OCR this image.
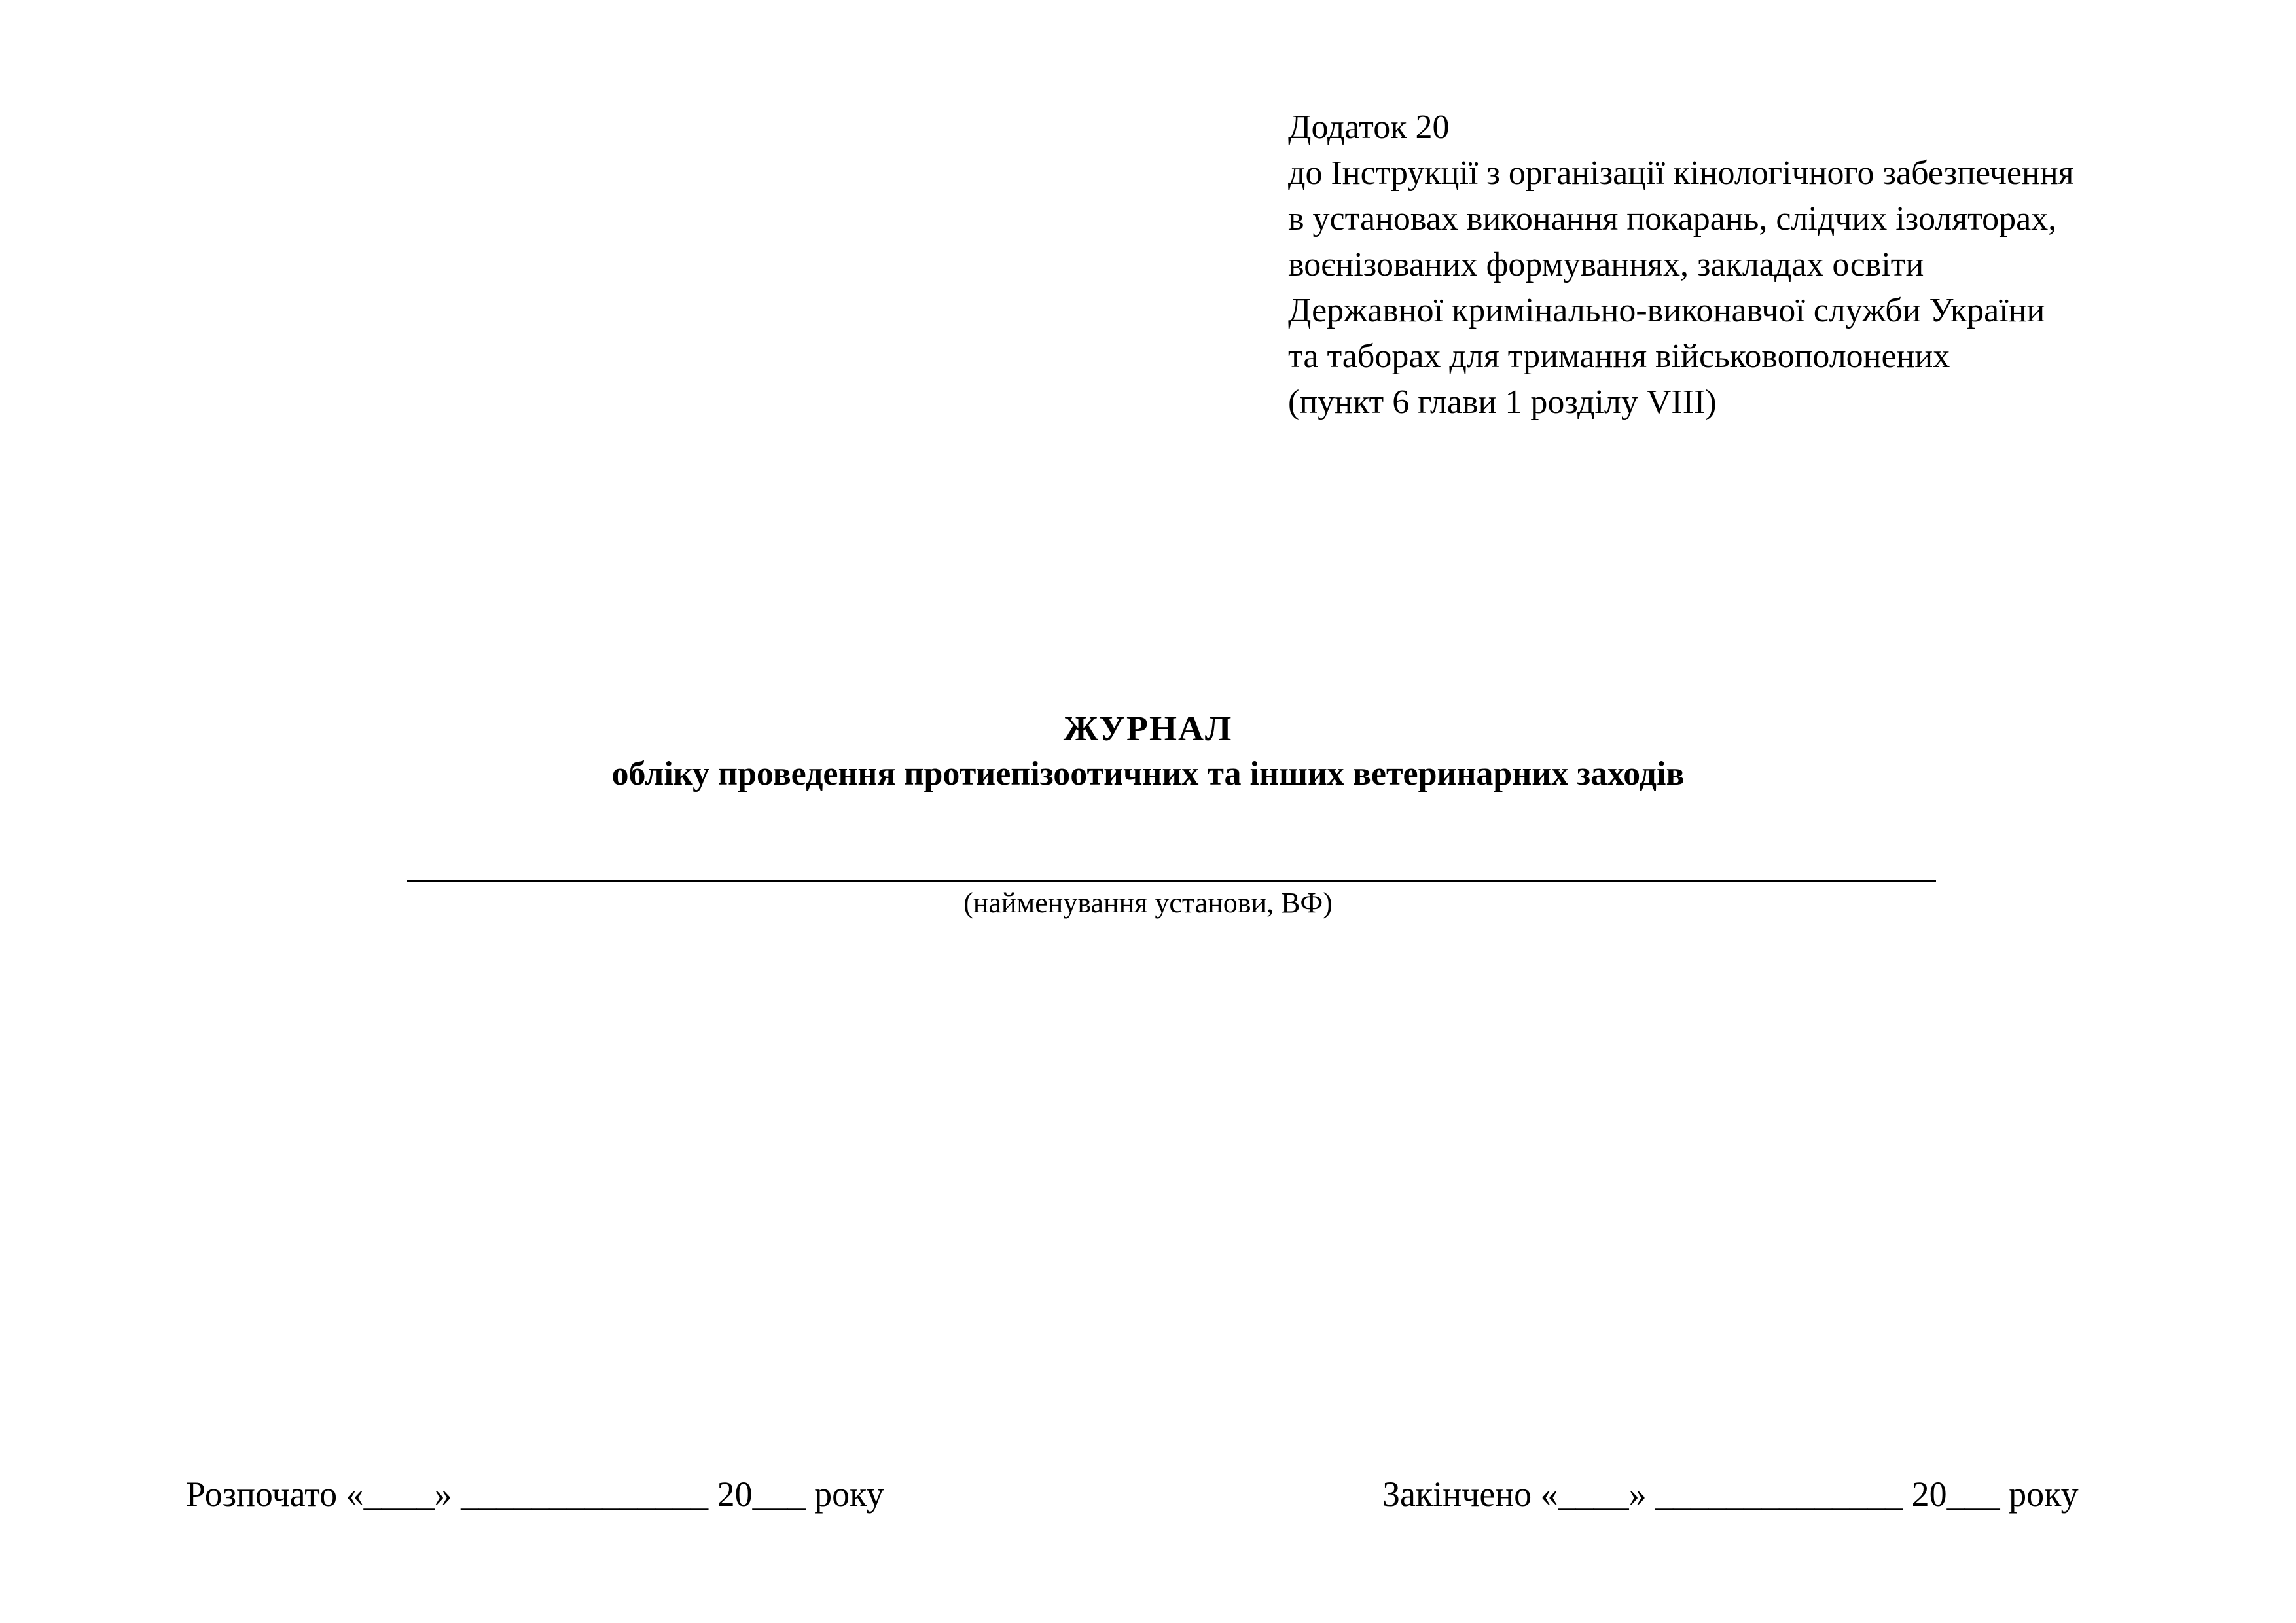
Додаток 20
до Інструкції з організації кінологічного забезпечення
в установах виконання покарань, слідчих ізоляторах,
воєнізованих формуваннях, закладах освіти
Державної кримінально-виконавчої служби України
та таборах для тримання військовополонених
(пункт 6 глави 1 розділу VIII)
ЖУРНАЛ
обліку проведення протиепізоотичних та інших ветеринарних заходів
(найменування установи, ВФ)
Розпочато «____» ______________ 20___ року	Закінчено «____» ______________ 20___ року
